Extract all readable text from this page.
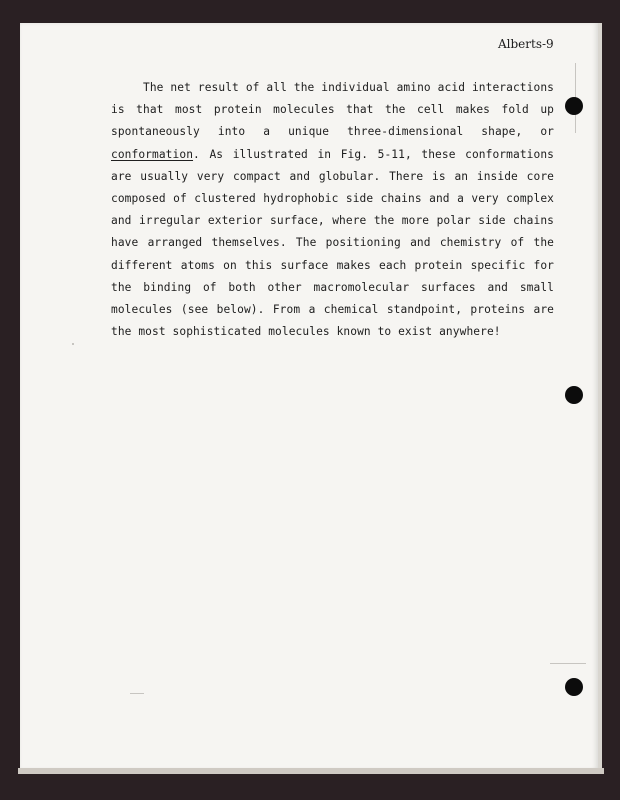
Alberts-9

The net result of all the individual amino acid interactions is that most protein molecules that the cell makes fold up spontaneously into a unique three-dimensional shape, or conformation. As illustrated in Fig. 5-11, these conformations are usually very compact and globular. There is an inside core composed of clustered hydrophobic side chains and a very complex and irregular exterior surface, where the more polar side chains have arranged themselves. The positioning and chemistry of the different atoms on this surface makes each protein specific for the binding of both other macromolecular surfaces and small molecules (see below). From a chemical standpoint, proteins are the most sophisticated molecules known to exist anywhere!
